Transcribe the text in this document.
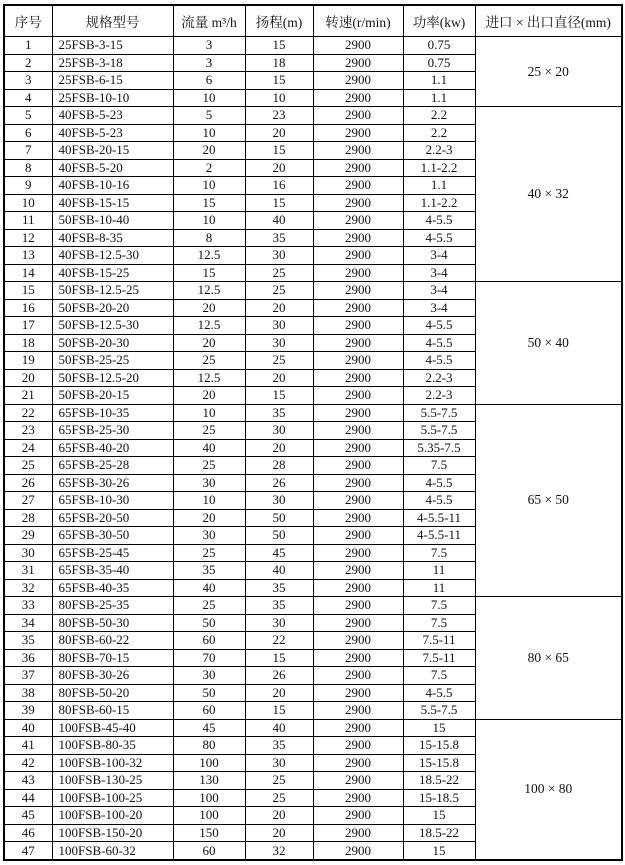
序号	规格型号	流量 m³/h	扬程(m)	转速(r/min)	功率(kw)	进口 × 出口直径(mm)
1	25FSB-3-15	3	15	2900	0.75	25 × 20
2	25FSB-3-18	3	18	2900	0.75	
3	25FSB-6-15	6	15	2900	1.1	
4	25FSB-10-10	10	10	2900	1.1	
5	40FSB-5-23	5	23	2900	2.2	40 × 32
6	40FSB-5-23	10	20	2900	2.2	
7	40FSB-20-15	20	15	2900	2.2-3	
8	40FSB-5-20	2	20	2900	1.1-2.2	
9	40FSB-10-16	10	16	2900	1.1	
10	40FSB-15-15	15	15	2900	1.1-2.2	
11	50FSB-10-40	10	40	2900	4-5.5	
12	40FSB-8-35	8	35	2900	4-5.5	
13	40FSB-12.5-30	12.5	30	2900	3-4	
14	40FSB-15-25	15	25	2900	3-4	
15	50FSB-12.5-25	12.5	25	2900	3-4	50 × 40
16	50FSB-20-20	20	20	2900	3-4	
17	50FSB-12.5-30	12.5	30	2900	4-5.5	
18	50FSB-20-30	20	30	2900	4-5.5	
19	50FSB-25-25	25	25	2900	4-5.5	
20	50FSB-12.5-20	12.5	20	2900	2.2-3	
21	50FSB-20-15	20	15	2900	2.2-3	
22	65FSB-10-35	10	35	2900	5.5-7.5	65 × 50
23	65FSB-25-30	25	30	2900	5.5-7.5	
24	65FSB-40-20	40	20	2900	5.35-7.5	
25	65FSB-25-28	25	28	2900	7.5	
26	65FSB-30-26	30	26	2900	4-5.5	
27	65FSB-10-30	10	30	2900	4-5.5	
28	65FSB-20-50	20	50	2900	4-5.5-11	
29	65FSB-30-50	30	50	2900	4-5.5-11	
30	65FSB-25-45	25	45	2900	7.5	
31	65FSB-35-40	35	40	2900	11	
32	65FSB-40-35	40	35	2900	11	
33	80FSB-25-35	25	35	2900	7.5	80 × 65
34	80FSB-50-30	50	30	2900	7.5	
35	80FSB-60-22	60	22	2900	7.5-11	
36	80FSB-70-15	70	15	2900	7.5-11	
37	80FSB-30-26	30	26	2900	7.5	
38	80FSB-50-20	50	20	2900	4-5.5	
39	80FSB-60-15	60	15	2900	5.5-7.5	
40	100FSB-45-40	45	40	2900	15	100 × 80
41	100FSB-80-35	80	35	2900	15-15.8	
42	100FSB-100-32	100	30	2900	15-15.8	
43	100FSB-130-25	130	25	2900	18.5-22	
44	100FSB-100-25	100	25	2900	15-18.5	
45	100FSB-100-20	100	20	2900	15	
46	100FSB-150-20	150	20	2900	18.5-22	
47	100FSB-60-32	60	32	2900	15	
